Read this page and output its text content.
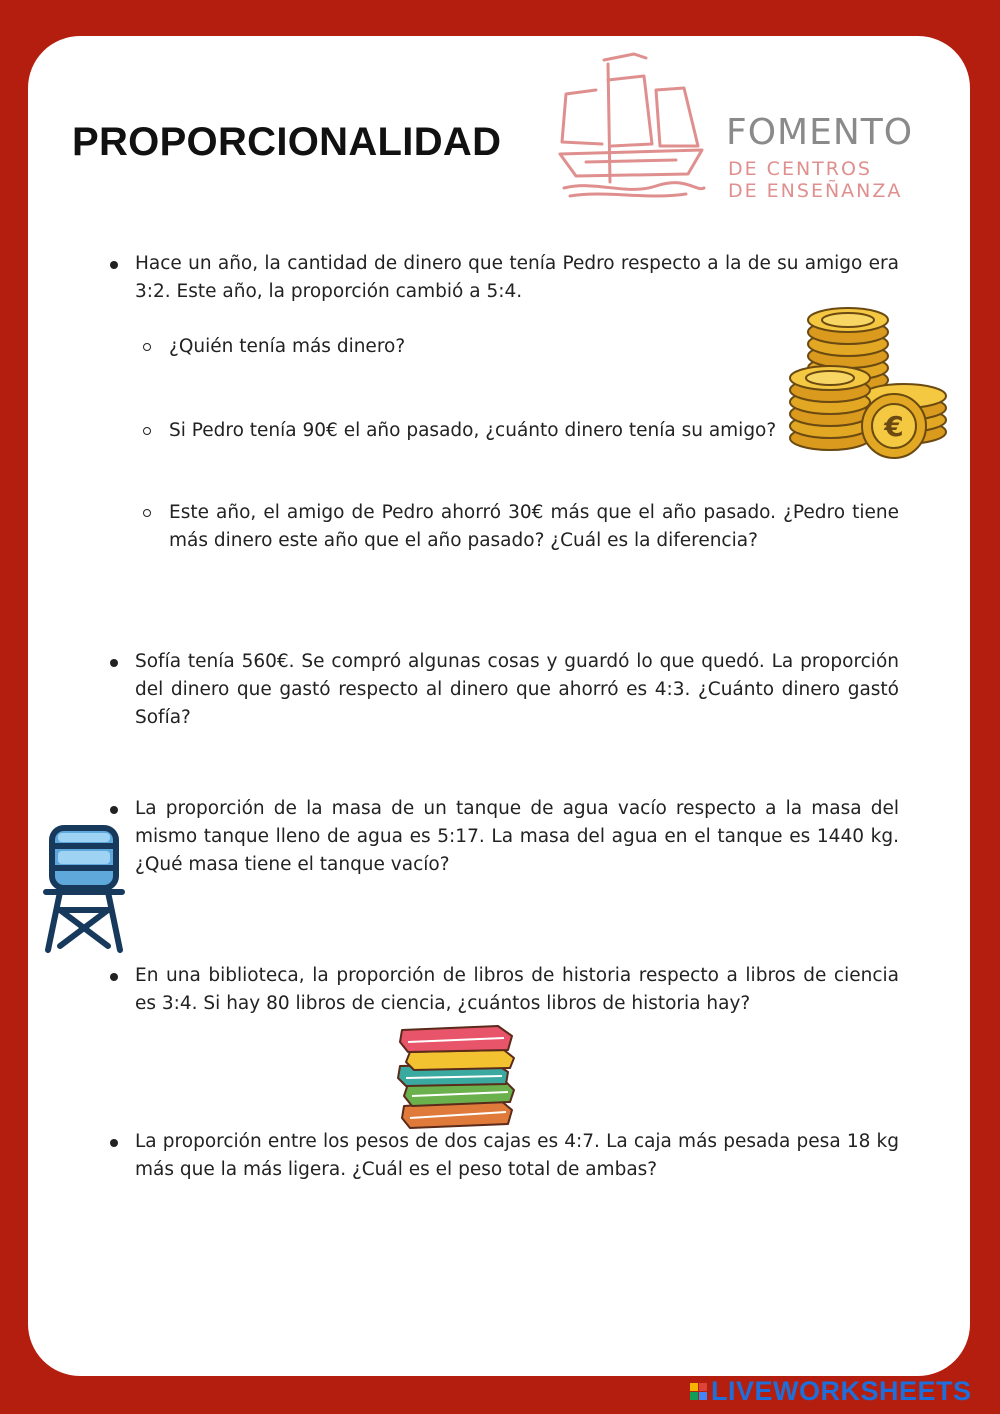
PROPORCIONALIDAD	FOMENTO
DE CENTROS
DE ENSEÑANZA

Hace un año, la cantidad de dinero que tenía Pedro respecto a la de su amigo era 3:2. Este año, la proporción cambió a 5:4.

¿Quién tenía más dinero?

Si Pedro tenía 90€ el año pasado, ¿cuánto dinero tenía su amigo?

Este año, el amigo de Pedro ahorró 30€ más que el año pasado. ¿Pedro tiene más dinero este año que el año pasado? ¿Cuál es la diferencia?

€

Sofía tenía 560€. Se compró algunas cosas y guardó lo que quedó. La proporción del dinero que gastó respecto al dinero que ahorró es 4:3. ¿Cuánto dinero gastó Sofía?

La proporción de la masa de un tanque de agua vacío respecto a la masa del mismo tanque lleno de agua es 5:17. La masa del agua en el tanque es 1440 kg. ¿Qué masa tiene el tanque vacío?

En una biblioteca, la proporción de libros de historia respecto a libros de ciencia es 3:4. Si hay 80 libros de ciencia, ¿cuántos libros de historia hay?

La proporción entre los pesos de dos cajas es 4:7. La caja más pesada pesa 18 kg más que la más ligera. ¿Cuál es el peso total de ambas?

LIVEWORKSHEETS
